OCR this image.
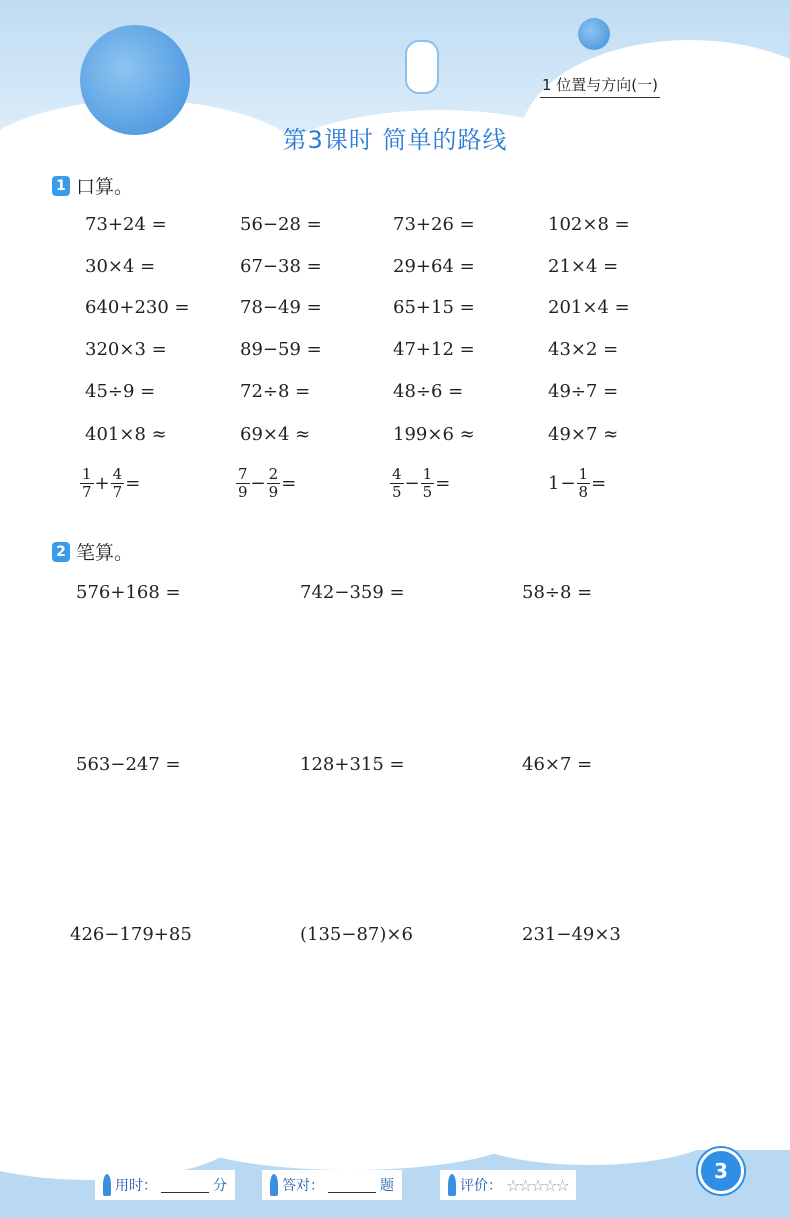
1 位置与方向(一)
第3课时 简单的路线
1 口算。
73+24 =	56−28 =	73+26 =	102×8 =
30×4 =	67−38 =	29+64 =	21×4 =
640+230 =	78−49 =	65+15 =	201×4 =
320×3 =	89−59 =	47+12 =	43×2 =
45÷9 =	72÷8 =	48÷6 =	49÷7 =
401×8 ≈	69×4 ≈	199×6 ≈	49×7 ≈
$\frac{1}{7} + \frac{4}{7}$ =	$\frac{7}{9} - \frac{2}{9}$ =	$\frac{4}{5} - \frac{1}{5}$ =	$1 - \frac{1}{8}$ =
2 笔算。
576+168 =	742−359 =	58÷8 =
563−247 =	128+315 =	46×7 =
426−179+85	(135−87)×6	231−49×3
用时：	分	答对：	题	评价： ☆☆☆☆☆
3
